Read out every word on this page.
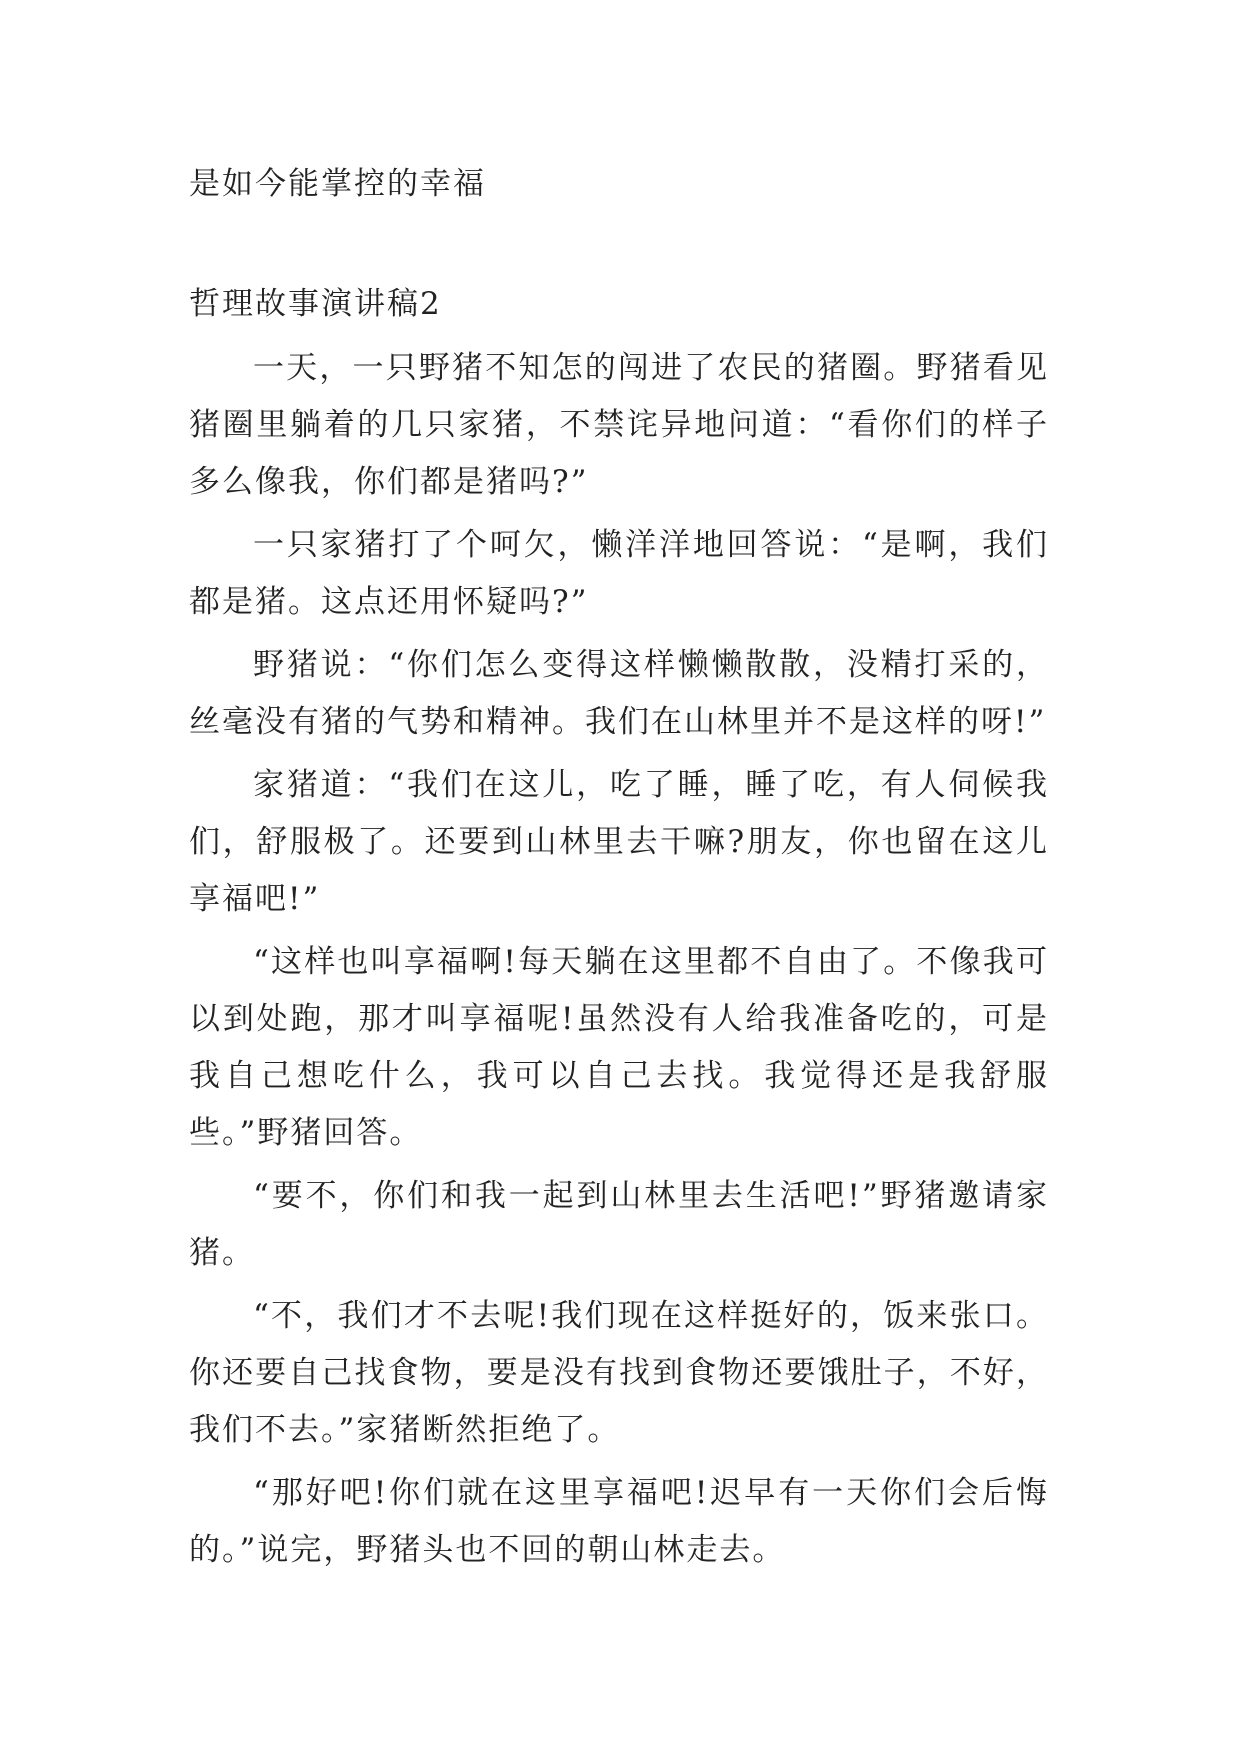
是如今能掌控的幸福
哲理故事演讲稿2

一天，一只野猪不知怎的闯进了农民的猪圈。野猪看见猪圈里躺着的几只家猪，不禁诧异地问道：“看你们的样子多么像我，你们都是猪吗?”

一只家猪打了个呵欠，懒洋洋地回答说：“是啊，我们都是猪。这点还用怀疑吗?”

野猪说：“你们怎么变得这样懒懒散散，没精打采的，丝毫没有猪的气势和精神。我们在山林里并不是这样的呀!”

家猪道：“我们在这儿，吃了睡，睡了吃，有人伺候我们，舒服极了。还要到山林里去干嘛?朋友，你也留在这儿享福吧!”

“这样也叫享福啊!每天躺在这里都不自由了。不像我可以到处跑，那才叫享福呢!虽然没有人给我准备吃的，可是我自己想吃什么，我可以自己去找。我觉得还是我舒服些。”野猪回答。

“要不，你们和我一起到山林里去生活吧!”野猪邀请家猪。

“不，我们才不去呢!我们现在这样挺好的，饭来张口。你还要自己找食物，要是没有找到食物还要饿肚子，不好，我们不去。”家猪断然拒绝了。

“那好吧!你们就在这里享福吧!迟早有一天你们会后悔的。”说完，野猪头也不回的朝山林走去。
